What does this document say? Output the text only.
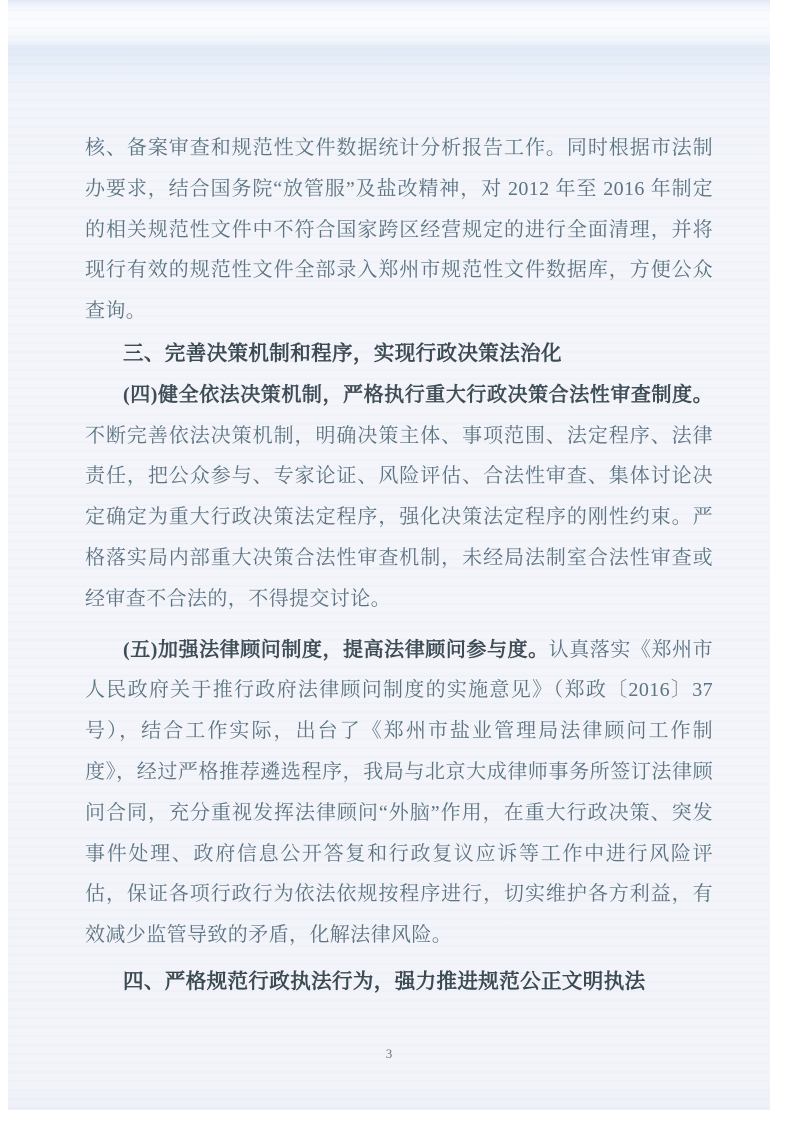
核、备案审查和规范性文件数据统计分析报告工作。同时根据市法制办要求，结合国务院“放管服”及盐改精神，对 2012 年至 2016 年制定的相关规范性文件中不符合国家跨区经营规定的进行全面清理，并将现行有效的规范性文件全部录入郑州市规范性文件数据库，方便公众查询。

三、完善决策机制和程序，实现行政决策法治化

(四)健全依法决策机制，严格执行重大行政决策合法性审查制度。不断完善依法决策机制，明确决策主体、事项范围、法定程序、法律责任，把公众参与、专家论证、风险评估、合法性审查、集体讨论决定确定为重大行政决策法定程序，强化决策法定程序的刚性约束。严格落实局内部重大决策合法性审查机制，未经局法制室合法性审查或经审查不合法的，不得提交讨论。

(五)加强法律顾问制度，提高法律顾问参与度。认真落实《郑州市人民政府关于推行政府法律顾问制度的实施意见》（郑政〔2016〕37 号），结合工作实际，出台了《郑州市盐业管理局法律顾问工作制度》，经过严格推荐遴选程序，我局与北京大成律师事务所签订法律顾问合同，充分重视发挥法律顾问“外脑”作用，在重大行政决策、突发事件处理、政府信息公开答复和行政复议应诉等工作中进行风险评估，保证各项行政行为依法依规按程序进行，切实维护各方利益，有效减少监管导致的矛盾，化解法律风险。

四、严格规范行政执法行为，强力推进规范公正文明执法

3
